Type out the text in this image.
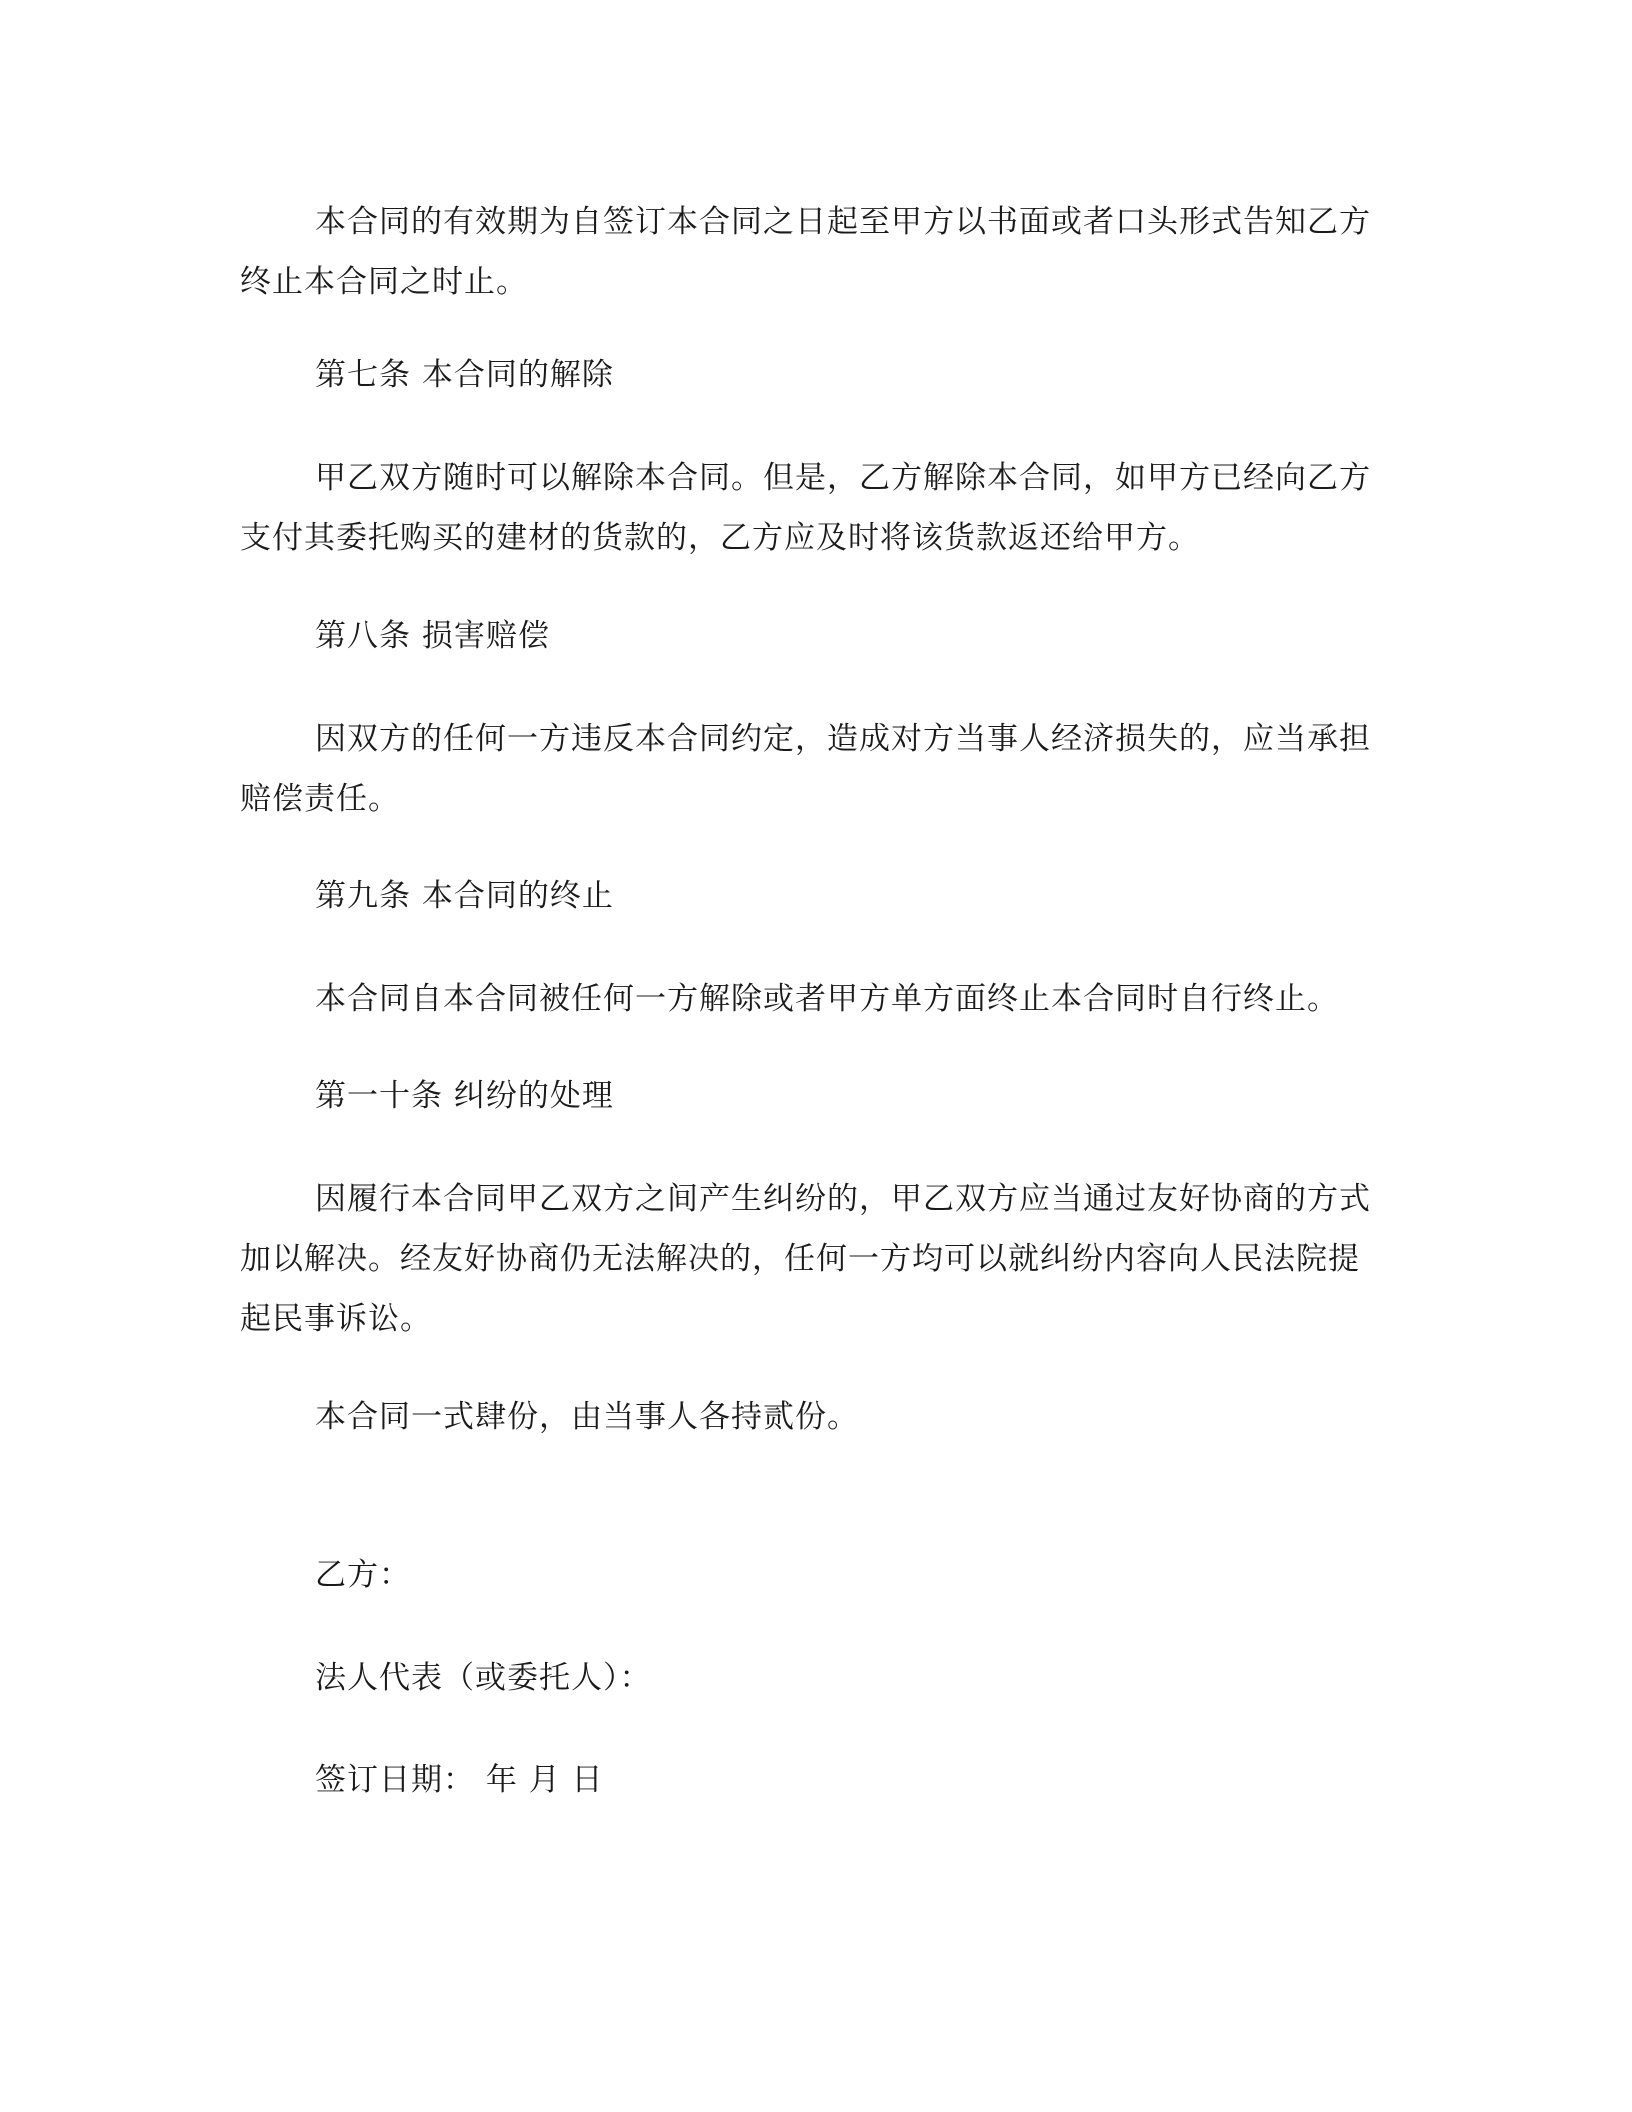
本合同的有效期为自签订本合同之日起至甲方以书面或者口头形式告知乙方终止本合同之时止。

第七条 本合同的解除

甲乙双方随时可以解除本合同。但是，乙方解除本合同，如甲方已经向乙方支付其委托购买的建材的货款的，乙方应及时将该货款返还给甲方。

第八条 损害赔偿

因双方的任何一方违反本合同约定，造成对方当事人经济损失的，应当承担赔偿责任。

第九条 本合同的终止

本合同自本合同被任何一方解除或者甲方单方面终止本合同时自行终止。

第一十条 纠纷的处理

因履行本合同甲乙双方之间产生纠纷的，甲乙双方应当通过友好协商的方式加以解决。经友好协商仍无法解决的，任何一方均可以就纠纷内容向人民法院提起民事诉讼。

本合同一式肆份，由当事人各持贰份。

乙方：

法人代表（或委托人）：

签订日期： 年 月 日
